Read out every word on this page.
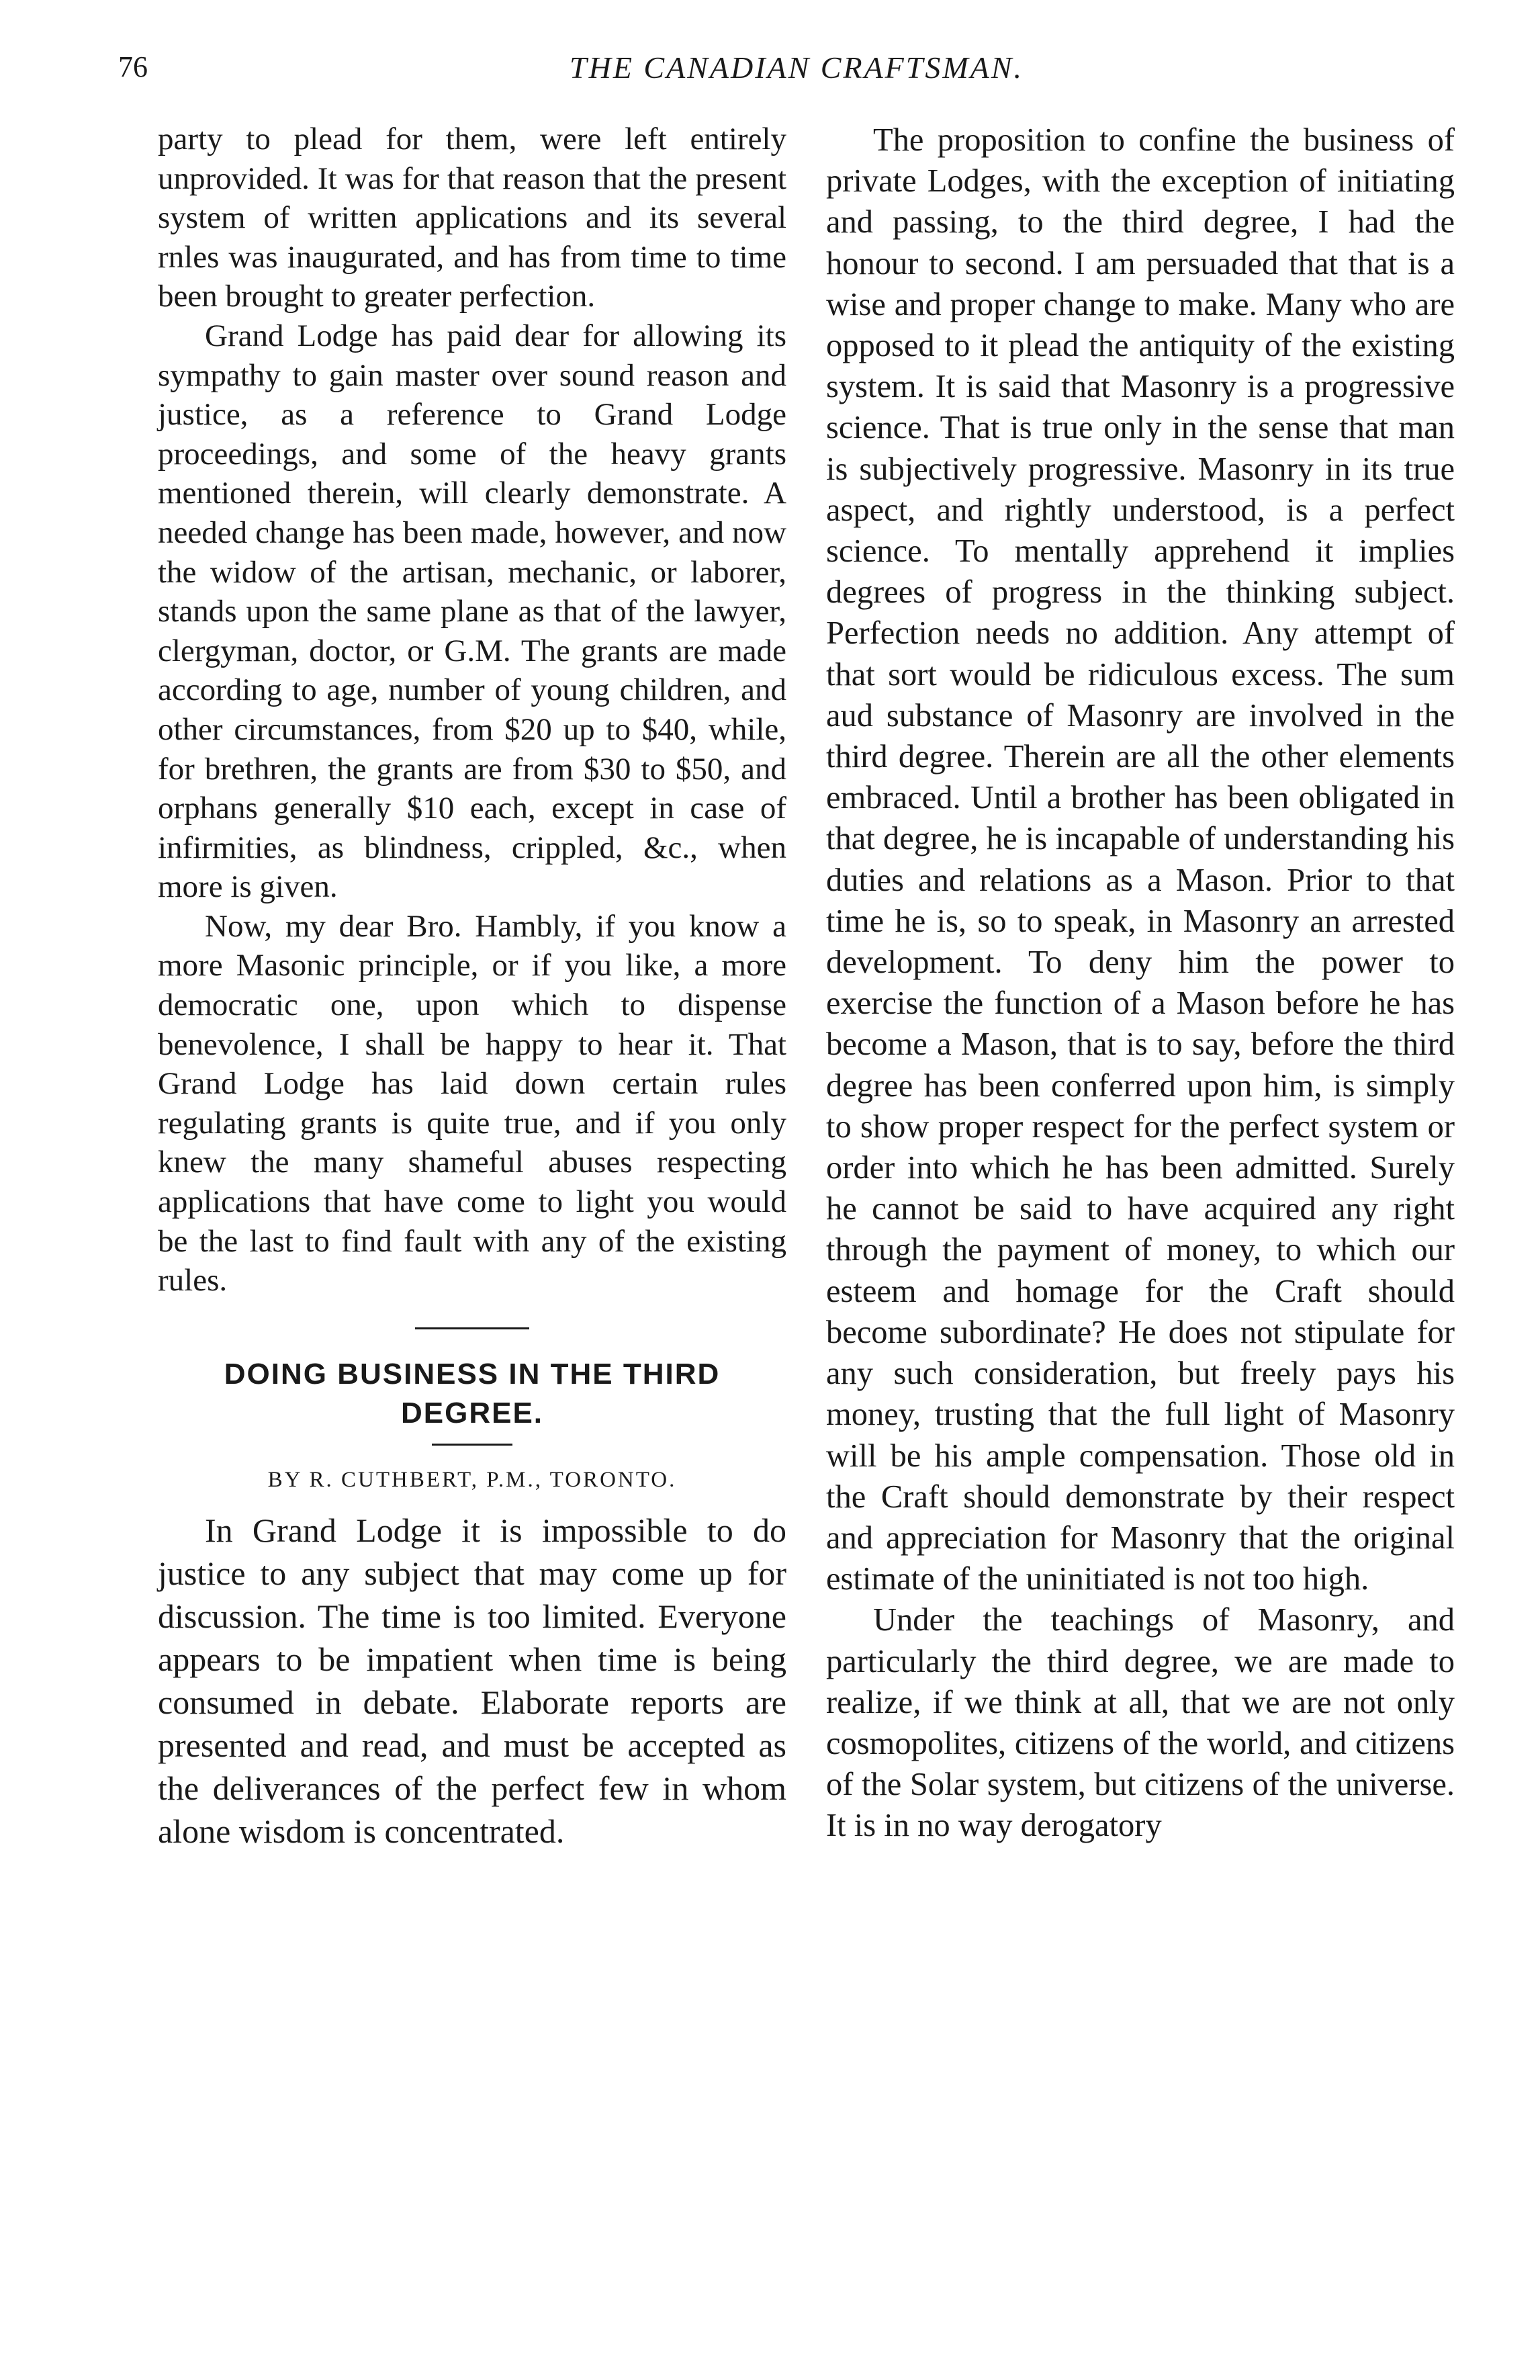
76	THE CANADIAN CRAFTSMAN.

party to plead for them, were left entirely unprovided. It was for that reason that the present system of written applications and its several rnles was inaugurated, and has from time to time been brought to greater perfection.

Grand Lodge has paid dear for allowing its sympathy to gain master over sound reason and justice, as a reference to Grand Lodge proceedings, and some of the heavy grants mentioned therein, will clearly demonstrate. A needed change has been made, however, and now the widow of the artisan, mechanic, or laborer, stands upon the same plane as that of the lawyer, clergyman, doctor, or G.M. The grants are made according to age, number of young children, and other circumstances, from $20 up to $40, while, for brethren, the grants are from $30 to $50, and orphans generally $10 each, except in case of infirmities, as blindness, crippled, &c., when more is given.

Now, my dear Bro. Hambly, if you know a more Masonic principle, or if you like, a more democratic one, upon which to dispense benevolence, I shall be happy to hear it. That Grand Lodge has laid down certain rules regulating grants is quite true, and if you only knew the many shameful abuses respecting applications that have come to light you would be the last to find fault with any of the existing rules.

DOING BUSINESS IN THE THIRD DEGREE.
BY R. CUTHBERT, P.M., TORONTO.

In Grand Lodge it is impossible to do justice to any subject that may come up for discussion. The time is too limited. Everyone appears to be impatient when time is being consumed in debate. Elaborate reports are presented and read, and must be accepted as the deliverances of the perfect few in whom alone wisdom is concentrated.

The proposition to confine the business of private Lodges, with the exception of initiating and passing, to the third degree, I had the honour to second. I am persuaded that that is a wise and proper change to make. Many who are opposed to it plead the antiquity of the existing system. It is said that Masonry is a progressive science. That is true only in the sense that man is subjectively progressive. Masonry in its true aspect, and rightly understood, is a perfect science. To mentally apprehend it implies degrees of progress in the thinking subject. Perfection needs no addition. Any attempt of that sort would be ridiculous excess. The sum aud substance of Masonry are involved in the third degree. Therein are all the other elements embraced. Until a brother has been obligated in that degree, he is incapable of understanding his duties and relations as a Mason. Prior to that time he is, so to speak, in Masonry an arrested development. To deny him the power to exercise the function of a Mason before he has become a Mason, that is to say, before the third degree has been conferred upon him, is simply to show proper respect for the perfect system or order into which he has been admitted. Surely he cannot be said to have acquired any right through the payment of money, to which our esteem and homage for the Craft should become subordinate? He does not stipulate for any such consideration, but freely pays his money, trusting that the full light of Masonry will be his ample compensation. Those old in the Craft should demonstrate by their respect and appreciation for Masonry that the original estimate of the uninitiated is not too high.

Under the teachings of Masonry, and particularly the third degree, we are made to realize, if we think at all, that we are not only cosmopolites, citizens of the world, and citizens of the Solar system, but citizens of the universe. It is in no way derogatory
